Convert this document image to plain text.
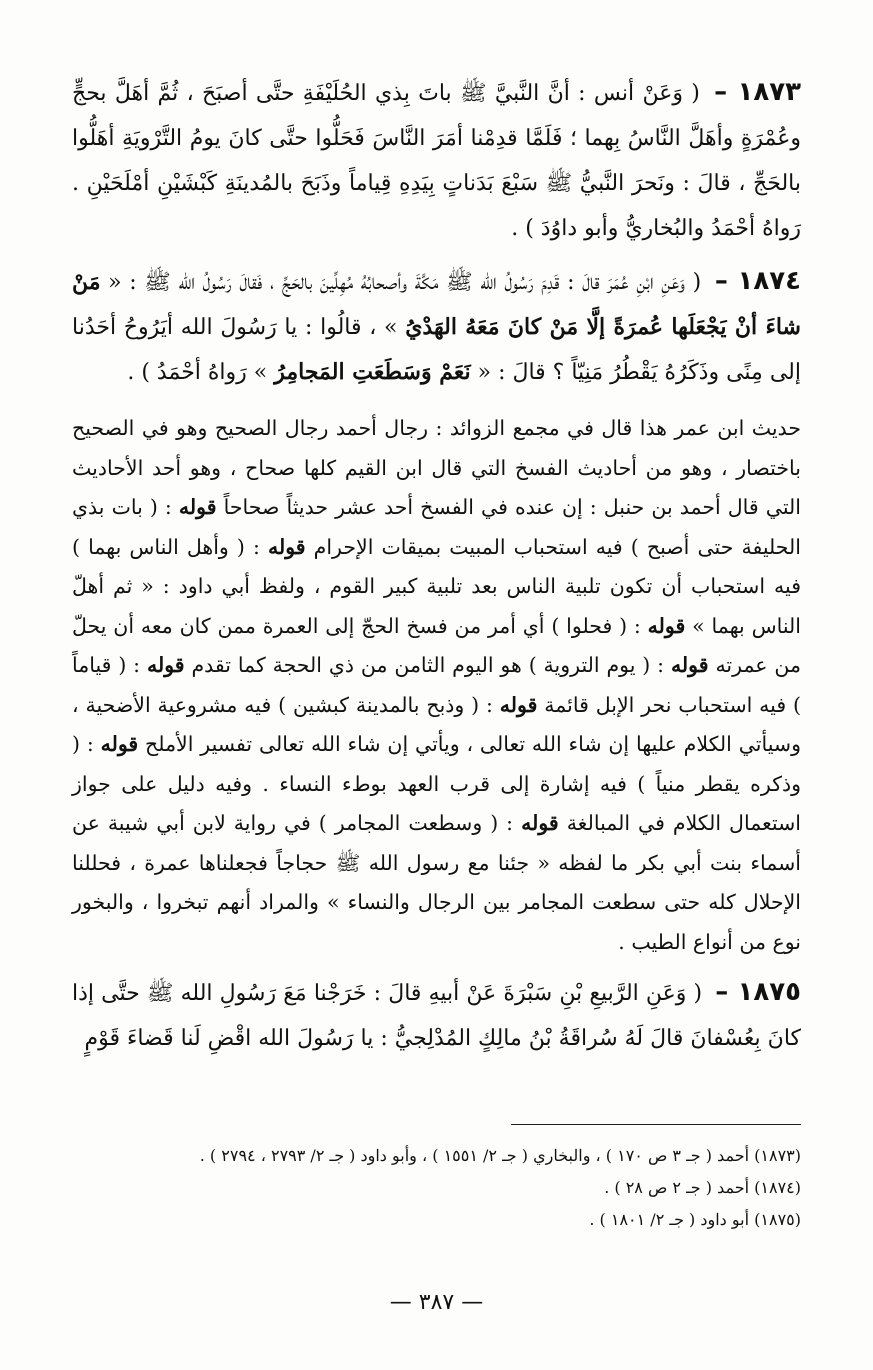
١٨٧٣ – ( وَعَنْ أنس : أنَّ النَّبيَّ ﷺ باتَ بِذي الحُلَيْفَةِ حتَّى أصبَحَ ، ثُمَّ أهَلَّ بحجٍّ وعُمْرَةٍ وأهَلَّ النَّاسُ بِهما ؛ فَلَمَّا قدِمْنا أمَرَ النَّاسَ فَحَلُّوا حتَّى كانَ يومُ التَّرْويَةِ أهَلُّوا بالحَجِّ ، قالَ : ونَحرَ النَّبيُّ ﷺ سَبْعَ بَدَناتٍ بِيَدِهِ قِياماً وذَبَحَ بالمُدينَةِ كَبْشَيْنِ أمْلَحَيْنِ . رَواهُ أحْمَدُ والبُخاريُّ وأبو داوُدَ ) .

١٨٧٤ – ( وَعَنِ ابْنِ عُمَرَ قالَ : قَدِمَ رَسُولُ الله ﷺ مَكَّةَ وأصحابُهُ مُهِلِّينَ بالحَجِّ ، فَقالَ رَسُولُ الله ﷺ : « مَنْ شاءَ أنْ يَجْعَلَها عُمرَةً إلَّا مَنْ كانَ مَعَهُ الهَدْيُ » ، قالُوا : يا رَسُولَ الله أيَرُوحُ أحَدُنا إلى مِنًى وذَكَرُهُ يَقْطُرُ مَنِيّاً ؟ قالَ : « نَعَمْ وَسَطَعَتِ المَجامِرُ » رَواهُ أحْمَدُ ) .

حديث ابن عمر هذا قال في مجمع الزوائد : رجال أحمد رجال الصحيح وهو في الصحيح باختصار ، وهو من أحاديث الفسخ التي قال ابن القيم كلها صحاح ، وهو أحد الأحاديث التي قال أحمد بن حنبل : إن عنده في الفسخ أحد عشر حديثاً صحاحاً قوله : ( بات بذي الحليفة حتى أصبح ) فيه استحباب المبيت بميقات الإحرام قوله : ( وأهل الناس بهما ) فيه استحباب أن تكون تلبية الناس بعد تلبية كبير القوم ، ولفظ أبي داود : « ثم أهلّ الناس بهما » قوله : ( فحلوا ) أي أمر من فسخ الحجّ إلى العمرة ممن كان معه أن يحلّ من عمرته قوله : ( يوم التروية ) هو اليوم الثامن من ذي الحجة كما تقدم قوله : ( قياماً ) فيه استحباب نحر الإبل قائمة قوله : ( وذبح بالمدينة كبشين ) فيه مشروعية الأضحية ، وسيأتي الكلام عليها إن شاء الله تعالى ، ويأتي إن شاء الله تعالى تفسير الأملح قوله : ( وذكره يقطر منياً ) فيه إشارة إلى قرب العهد بوطء النساء . وفيه دليل على جواز استعمال الكلام في المبالغة قوله : ( وسطعت المجامر ) في رواية لابن أبي شيبة عن أسماء بنت أبي بكر ما لفظه « جئنا مع رسول الله ﷺ حجاجاً فجعلناها عمرة ، فحللنا الإحلال كله حتى سطعت المجامر بين الرجال والنساء » والمراد أنهم تبخروا ، والبخور نوع من أنواع الطيب .

١٨٧٥ – ( وَعَنِ الرَّبيعِ بْنِ سَبْرَةَ عَنْ أبيهِ قالَ : خَرَجْنا مَعَ رَسُولِ الله ﷺ حتَّى إذا كانَ بِعُسْفانَ قالَ لَهُ سُراقَةُ بْنُ مالِكٍ المُدْلِجيُّ : يا رَسُولَ الله اقْضِ لَنا قَضاءَ قَوْمٍ

(١٨٧٣) أحمد ( جـ ٣ ص ١٧٠ ) ، والبخاري ( جـ ٢/ ١٥٥١ ) ، وأبو داود ( جـ ٢/ ٢٧٩٣ ، ٢٧٩٤ ) .

(١٨٧٤) أحمد ( جـ ٢ ص ٢٨ ) .

(١٨٧٥) أبو داود ( جـ ٢/ ١٨٠١ ) .

— ٣٨٧ —
